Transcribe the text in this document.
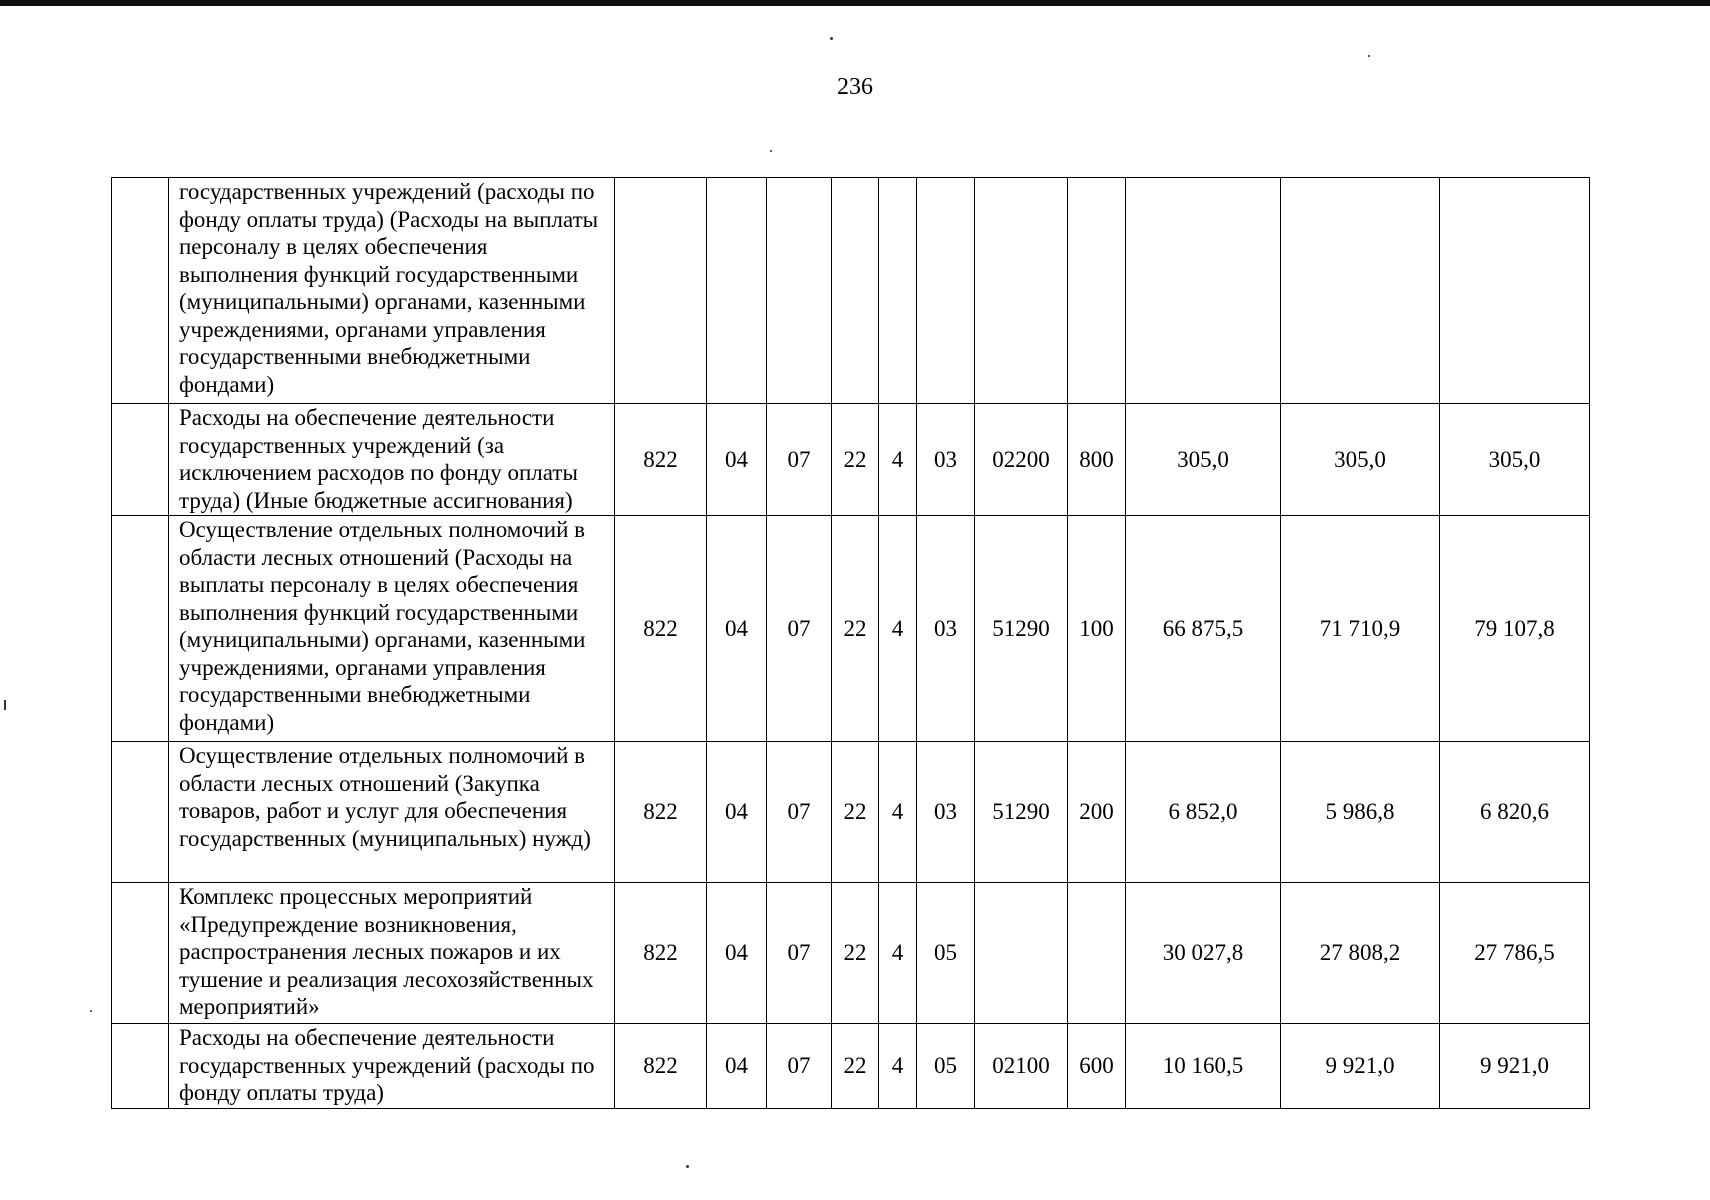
236
	государственных учреждений (расходы по фонду оплаты труда) (Расходы на выплаты персоналу в целях обеспечения выполнения функций государственными (муниципальными) органами, казенными учреждениями, органами управления государственными внебюджетными фондами)											
	Расходы на обеспечение деятельности государственных учреждений (за исключением расходов по фонду оплаты труда) (Иные бюджетные ассигнования)	822	04	07	22	4	03	02200	800	305,0	305,0	305,0
	Осуществление отдельных полномочий в области лесных отношений (Расходы на выплаты персоналу в целях обеспечения выполнения функций государственными (муниципальными) органами, казенными учреждениями, органами управления государственными внебюджетными фондами)	822	04	07	22	4	03	51290	100	66 875,5	71 710,9	79 107,8
	Осуществление отдельных полномочий в области лесных отношений (Закупка товаров, работ и услуг для обеспечения государственных (муниципальных) нужд)	822	04	07	22	4	03	51290	200	6 852,0	5 986,8	6 820,6
	Комплекс процессных мероприятий «Предупреждение возникновения, распространения лесных пожаров и их тушение и реализация лесохозяйственных мероприятий»	822	04	07	22	4	05			30 027,8	27 808,2	27 786,5
	Расходы на обеспечение деятельности государственных учреждений (расходы по фонду оплаты труда)	822	04	07	22	4	05	02100	600	10 160,5	9 921,0	9 921,0
